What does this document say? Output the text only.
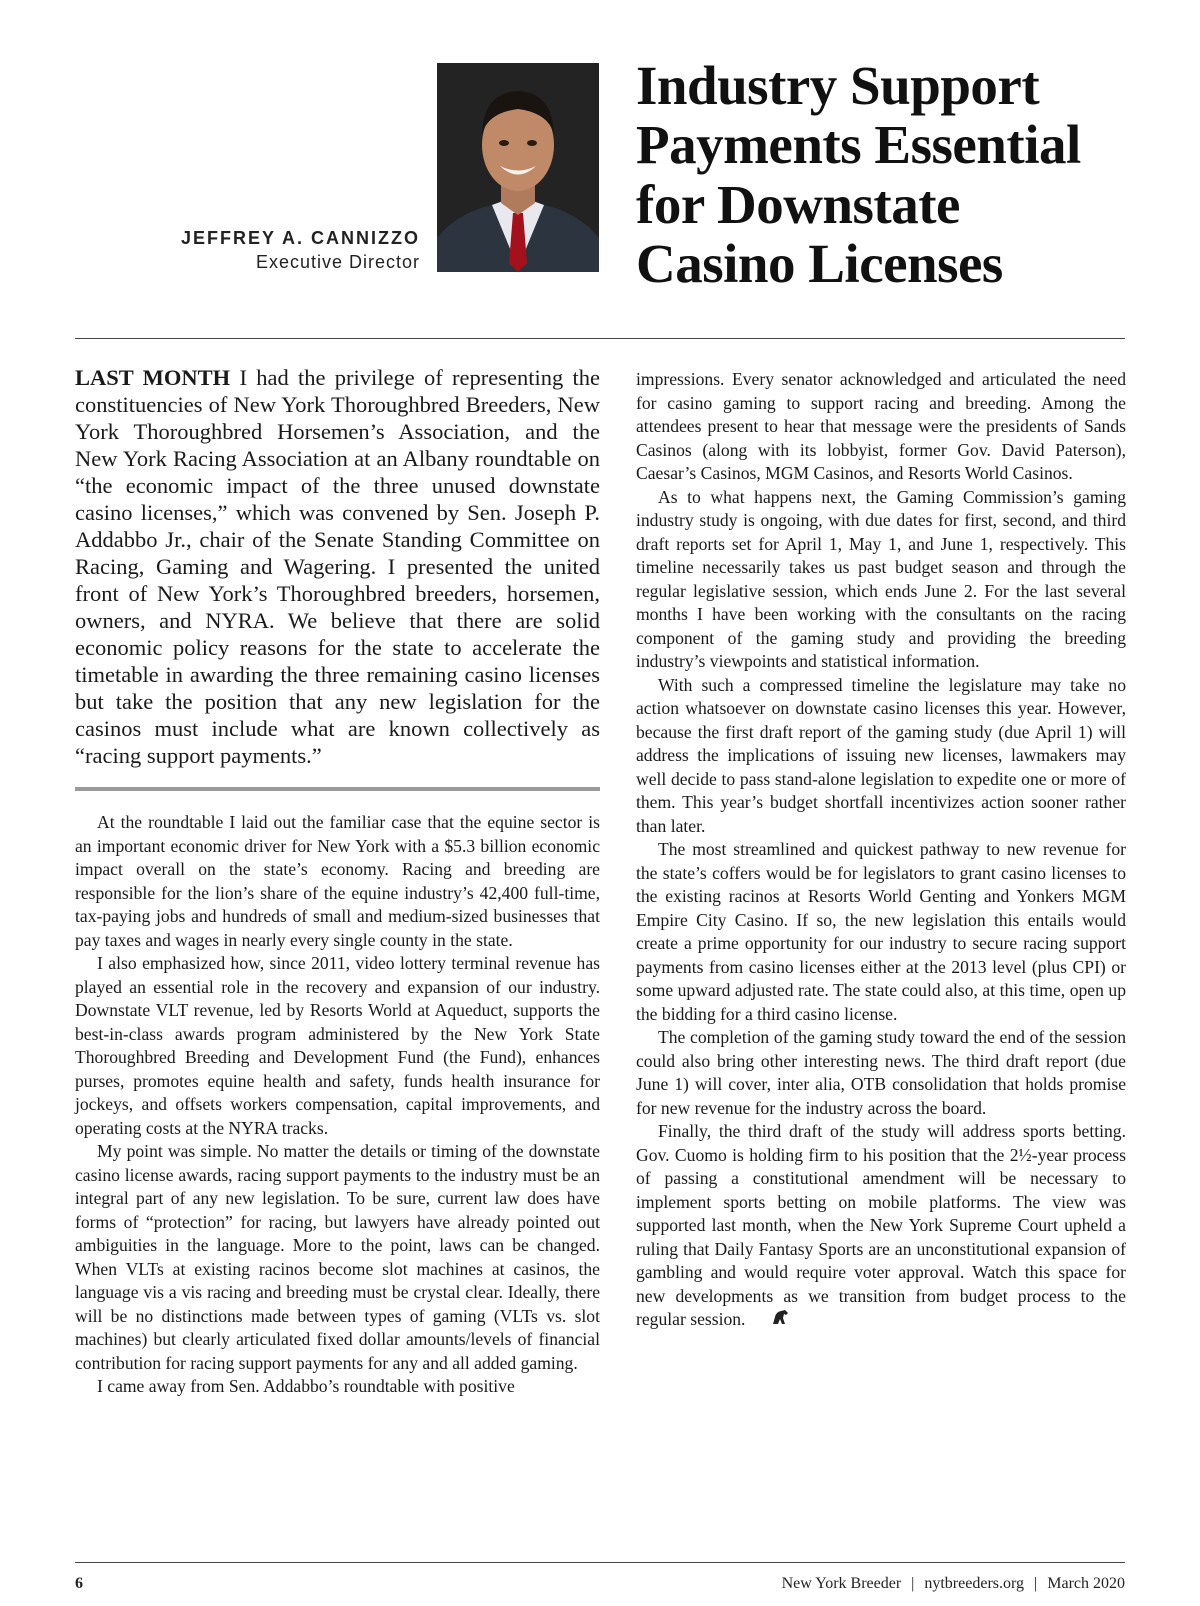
JEFFREY A. CANNIZZO
Executive Director
Industry Support
Payments Essential
for Downstate
Casino Licenses

LAST MONTH I had the privilege of representing the constituencies of New York Thoroughbred Breeders, New York Thoroughbred Horsemen’s Association, and the New York Racing Association at an Albany roundtable on “the economic impact of the three unused downstate casino licenses,” which was convened by Sen. Joseph P. Addabbo Jr., chair of the Senate Standing Committee on Racing, Gaming and Wagering. I presented the united front of New York’s Thoroughbred breeders, horsemen, owners, and NYRA. We believe that there are solid economic policy reasons for the state to accelerate the timetable in awarding the three remaining casino licenses but take the position that any new legislation for the casinos must include what are known collectively as “racing support payments.”

At the roundtable I laid out the familiar case that the equine sector is an important economic driver for New York with a $5.3 billion economic impact overall on the state’s economy. Racing and breeding are responsible for the lion’s share of the equine industry’s 42,400 full-time, tax-paying jobs and hundreds of small and medium-sized businesses that pay taxes and wages in nearly every single county in the state.

I also emphasized how, since 2011, video lottery terminal revenue has played an essential role in the recovery and expansion of our industry. Downstate VLT revenue, led by Resorts World at Aqueduct, supports the best-in-class awards program administered by the New York State Thoroughbred Breeding and Development Fund (the Fund), enhances purses, promotes equine health and safety, funds health insurance for jockeys, and offsets workers compensation, capital improvements, and operating costs at the NYRA tracks.

My point was simple. No matter the details or timing of the downstate casino license awards, racing support payments to the industry must be an integral part of any new legislation. To be sure, current law does have forms of “protection” for racing, but lawyers have already pointed out ambiguities in the language. More to the point, laws can be changed. When VLTs at existing racinos become slot machines at casinos, the language vis a vis racing and breeding must be crystal clear. Ideally, there will be no distinctions made between types of gaming (VLTs vs. slot machines) but clearly articulated fixed dollar amounts/levels of financial contribution for racing support payments for any and all added gaming.

I came away from Sen. Addabbo’s roundtable with positive

impressions. Every senator acknowledged and articulated the need for casino gaming to support racing and breeding. Among the attendees present to hear that message were the presidents of Sands Casinos (along with its lobbyist, former Gov. David Paterson), Caesar’s Casinos, MGM Casinos, and Resorts World Casinos.

As to what happens next, the Gaming Commission’s gaming industry study is ongoing, with due dates for first, second, and third draft reports set for April 1, May 1, and June 1, respectively. This timeline necessarily takes us past budget season and through the regular legislative session, which ends June 2. For the last several months I have been working with the consultants on the racing component of the gaming study and providing the breeding industry’s viewpoints and statistical information.

With such a compressed timeline the legislature may take no action whatsoever on downstate casino licenses this year. However, because the first draft report of the gaming study (due April 1) will address the implications of issuing new licenses, lawmakers may well decide to pass stand-alone legislation to expedite one or more of them. This year’s budget shortfall incentivizes action sooner rather than later.

The most streamlined and quickest pathway to new revenue for the state’s coffers would be for legislators to grant casino licenses to the existing racinos at Resorts World Genting and Yonkers MGM Empire City Casino. If so, the new legislation this entails would create a prime opportunity for our industry to secure racing support payments from casino licenses either at the 2013 level (plus CPI) or some upward adjusted rate. The state could also, at this time, open up the bidding for a third casino license.

The completion of the gaming study toward the end of the session could also bring other interesting news. The third draft report (due June 1) will cover, inter alia, OTB consolidation that holds promise for new revenue for the industry across the board.

Finally, the third draft of the study will address sports betting. Gov. Cuomo is holding firm to his position that the 2½-year process of passing a constitutional amendment will be necessary to implement sports betting on mobile platforms. The view was supported last month, when the New York Supreme Court upheld a ruling that Daily Fantasy Sports are an unconstitutional expansion of gambling and would require voter approval. Watch this space for new developments as we transition from budget process to the regular session.

6	New York Breeder | nytbreeders.org | March 2020
